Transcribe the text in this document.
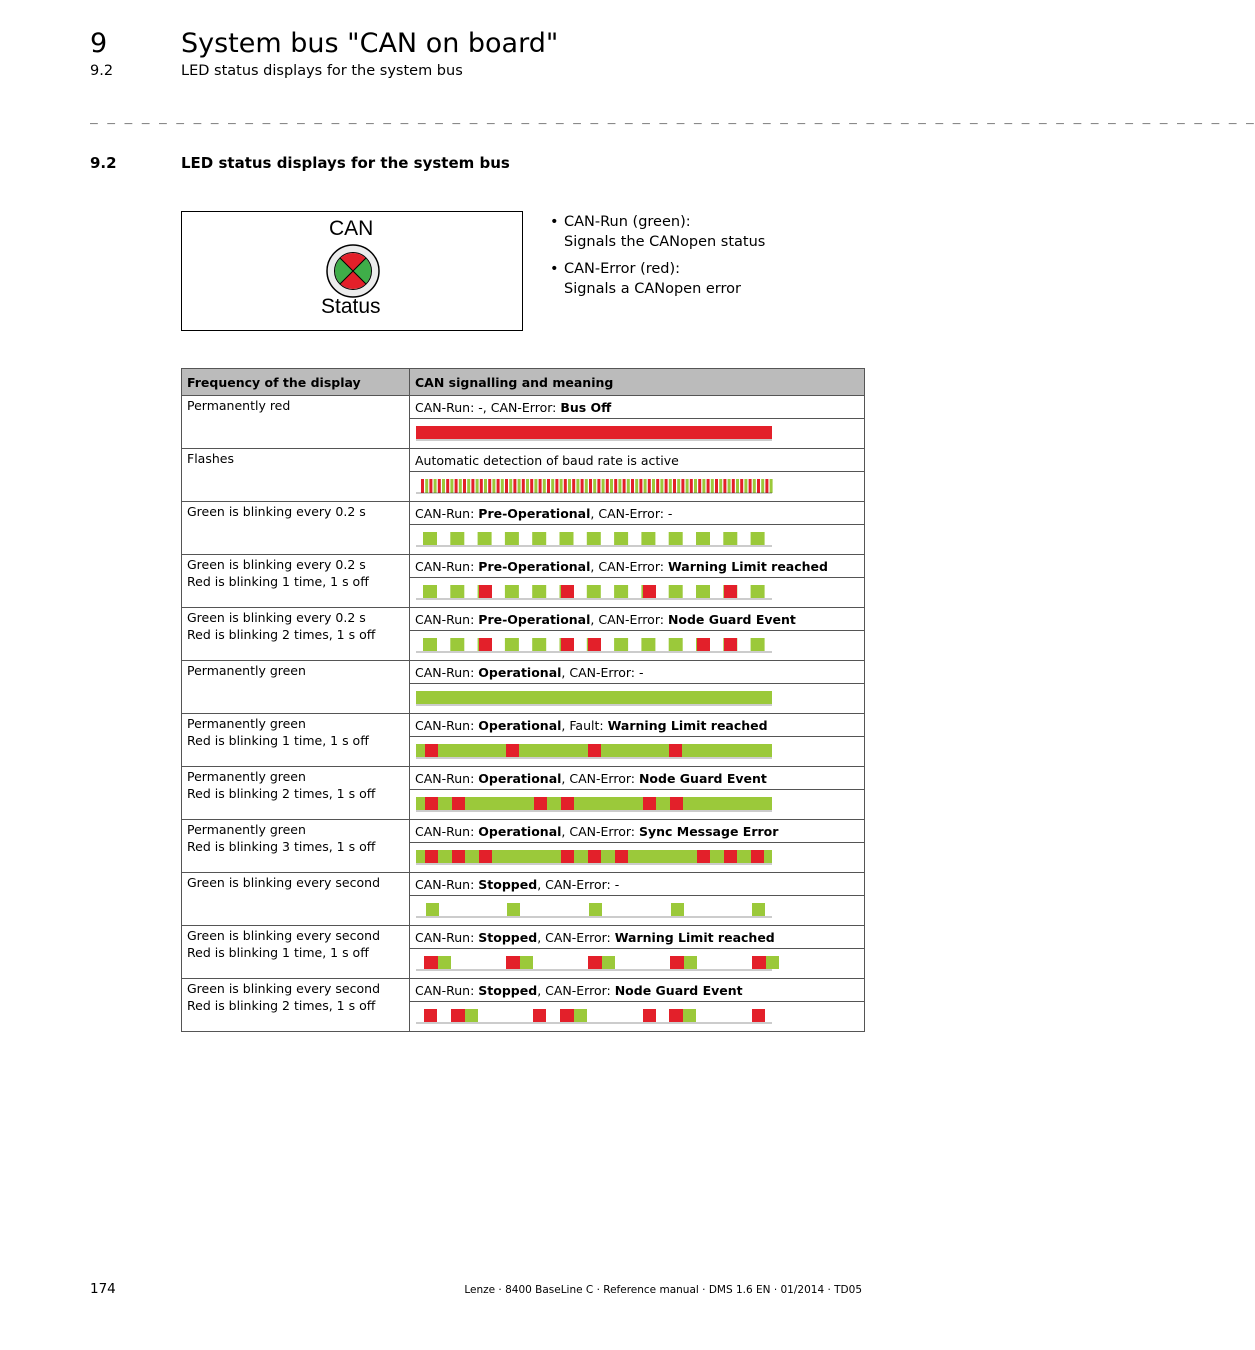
9	System bus "CAN on board"
9.2	LED status displays for the system bus
_ _ _ _ _ _ _ _ _ _ _ _ _ _ _ _ _ _ _ _ _ _ _ _ _ _ _ _ _ _ _ _ _ _ _ _ _ _ _ _ _ _ _ _ _ _ _ _ _ _ _ _ _ _ _ _ _ _ _ _ _ _ _ _ _ _ _ _
9.2	LED status displays for the system bus
CAN
Status
• CAN-Run (green):
Signals the CANopen status
• CAN-Error (red):
Signals a CANopen error
Frequency of the display	CAN signalling and meaning

Permanently red	CAN-Run: -, CAN-Error: Bus Off

Flashes	Automatic detection of baud rate is active

Green is blinking every 0.2 s	CAN-Run: Pre-Operational, CAN-Error: -

Green is blinking every 0.2 s
Red is blinking 1 time, 1 s off	CAN-Run: Pre-Operational, CAN-Error: Warning Limit reached

Green is blinking every 0.2 s
Red is blinking 2 times, 1 s off	CAN-Run: Pre-Operational, CAN-Error: Node Guard Event

Permanently green	CAN-Run: Operational, CAN-Error: -

Permanently green
Red is blinking 1 time, 1 s off	CAN-Run: Operational, Fault: Warning Limit reached

Permanently green
Red is blinking 2 times, 1 s off	CAN-Run: Operational, CAN-Error: Node Guard Event

Permanently green
Red is blinking 3 times, 1 s off	CAN-Run: Operational, CAN-Error: Sync Message Error

Green is blinking every second	CAN-Run: Stopped, CAN-Error: -

Green is blinking every second
Red is blinking 1 time, 1 s off	CAN-Run: Stopped, CAN-Error: Warning Limit reached

Green is blinking every second
Red is blinking 2 times, 1 s off	CAN-Run: Stopped, CAN-Error: Node Guard Event

174	Lenze · 8400 BaseLine C · Reference manual · DMS 1.6 EN · 01/2014 · TD05
